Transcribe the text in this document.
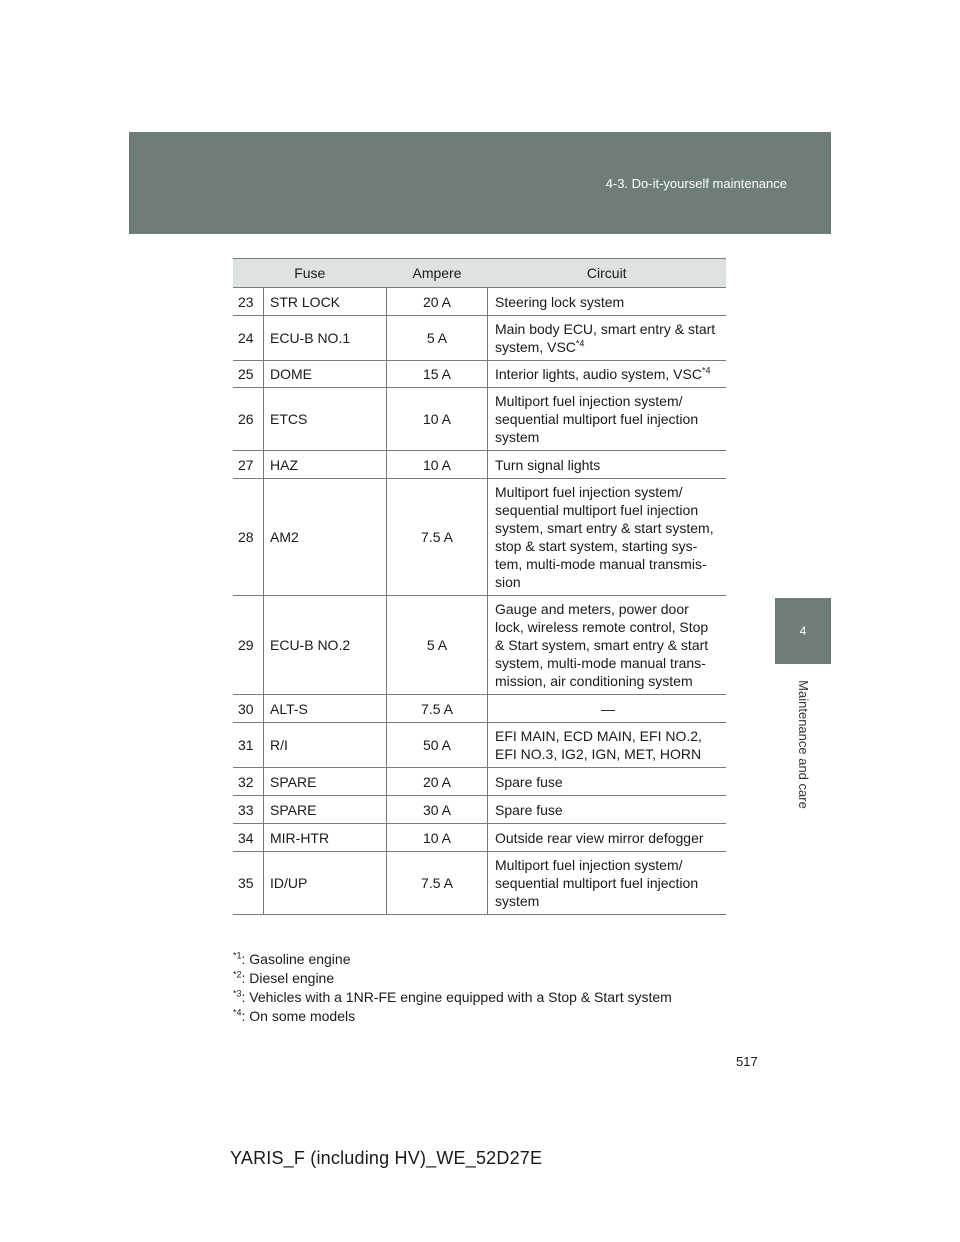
4-3. Do-it-yourself maintenance
4
Maintenance and care
Fuse		Ampere	Circuit
23	STR LOCK	20 A	Steering lock system
24	ECU-B NO.1	5 A	Main body ECU, smart entry & start system, VSC$^{*4}$
25	DOME	15 A	Interior lights, audio system, VSC$^{*4}$
26	ETCS	10 A	Multiport fuel injection system/ sequential multiport fuel injection system
27	HAZ	10 A	Turn signal lights
28	AM2	7.5 A	Multiport fuel injection system/ sequential multiport fuel injection system, smart entry & start system, stop & start system, starting sys- tem, multi-mode manual transmis- sion
29	ECU-B NO.2	5 A	Gauge and meters, power door lock, wireless remote control, Stop & Start system, smart entry & start system, multi-mode manual trans- mission, air conditioning system
30	ALT-S	7.5 A	—
31	R/I	50 A	EFI MAIN, ECD MAIN, EFI NO.2, EFI NO.3, IG2, IGN, MET, HORN
32	SPARE	20 A	Spare fuse
33	SPARE	30 A	Spare fuse
34	MIR-HTR	10 A	Outside rear view mirror defogger
35	ID/UP	7.5 A	Multiport fuel injection system/ sequential multiport fuel injection system
$^{*1}$: Gasoline engine
$^{*2}$: Diesel engine
$^{*3}$: Vehicles with a 1NR-FE engine equipped with a Stop & Start system
$^{*4}$: On some models
517
YARIS_F (including HV)_WE_52D27E
